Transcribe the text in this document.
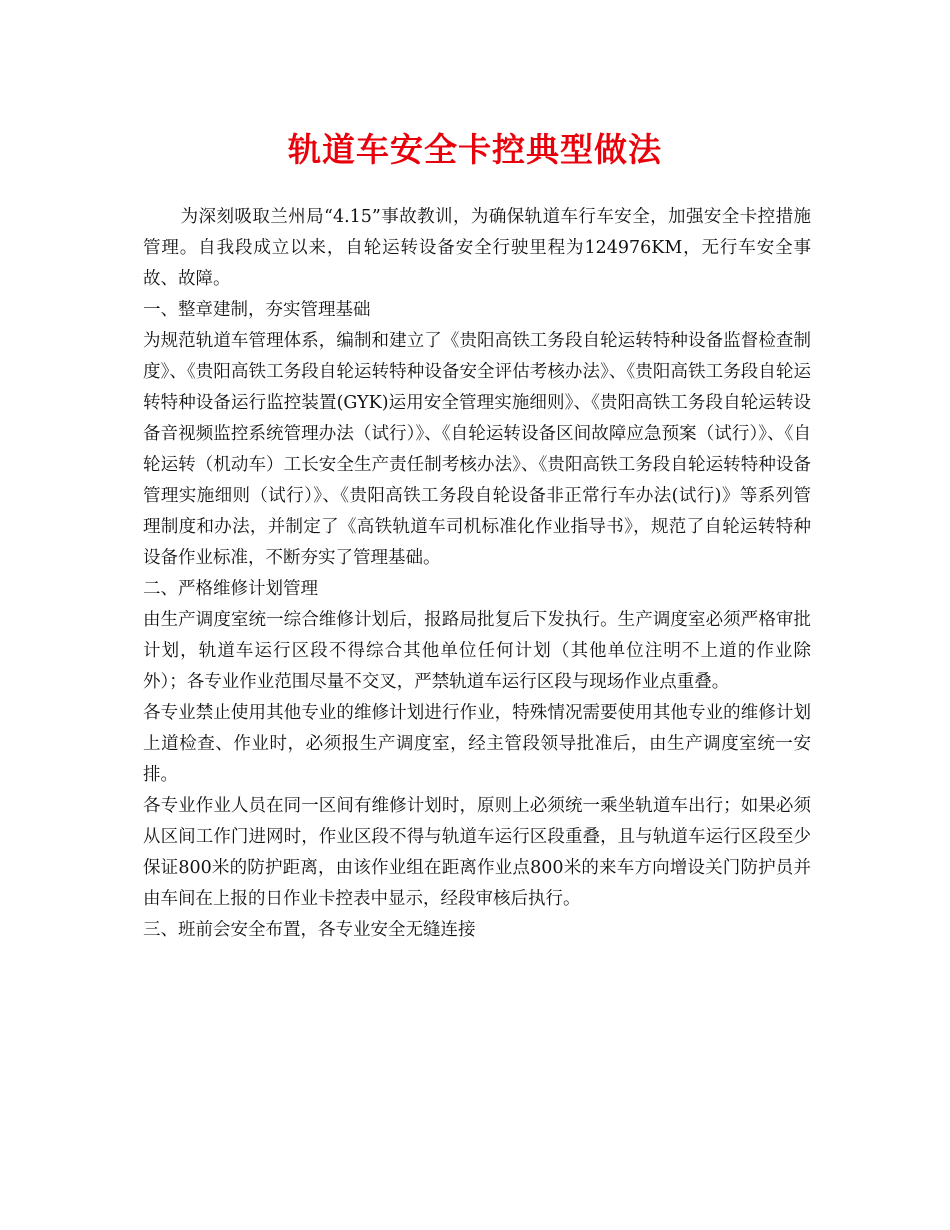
轨道车安全卡控典型做法

为深刻吸取兰州局“4.15”事故教训，为确保轨道车行车安全，加强安全卡控措施管理。自我段成立以来，自轮运转设备安全行驶里程为124976KM，无行车安全事故、故障。

一、整章建制，夯实管理基础

为规范轨道车管理体系，编制和建立了《贵阳高铁工务段自轮运转特种设备监督检查制度》、《贵阳高铁工务段自轮运转特种设备安全评估考核办法》、《贵阳高铁工务段自轮运转特种设备运行监控装置(GYK)运用安全管理实施细则》、《贵阳高铁工务段自轮运转设备音视频监控系统管理办法（试行）》、《自轮运转设备区间故障应急预案（试行）》、《自轮运转（机动车）工长安全生产责任制考核办法》、《贵阳高铁工务段自轮运转特种设备管理实施细则（试行）》、《贵阳高铁工务段自轮设备非正常行车办法(试行)》等系列管理制度和办法，并制定了《高铁轨道车司机标准化作业指导书》，规范了自轮运转特种设备作业标准，不断夯实了管理基础。

二、严格维修计划管理

由生产调度室统一综合维修计划后，报路局批复后下发执行。生产调度室必须严格审批计划，轨道车运行区段不得综合其他单位任何计划（其他单位注明不上道的作业除外）；各专业作业范围尽量不交叉，严禁轨道车运行区段与现场作业点重叠。

各专业禁止使用其他专业的维修计划进行作业，特殊情况需要使用其他专业的维修计划上道检查、作业时，必须报生产调度室，经主管段领导批准后，由生产调度室统一安排。

各专业作业人员在同一区间有维修计划时，原则上必须统一乘坐轨道车出行；如果必须从区间工作门进网时，作业区段不得与轨道车运行区段重叠，且与轨道车运行区段至少保证800米的防护距离，由该作业组在距离作业点800米的来车方向增设关门防护员并由车间在上报的日作业卡控表中显示，经段审核后执行。

三、班前会安全布置，各专业安全无缝连接
